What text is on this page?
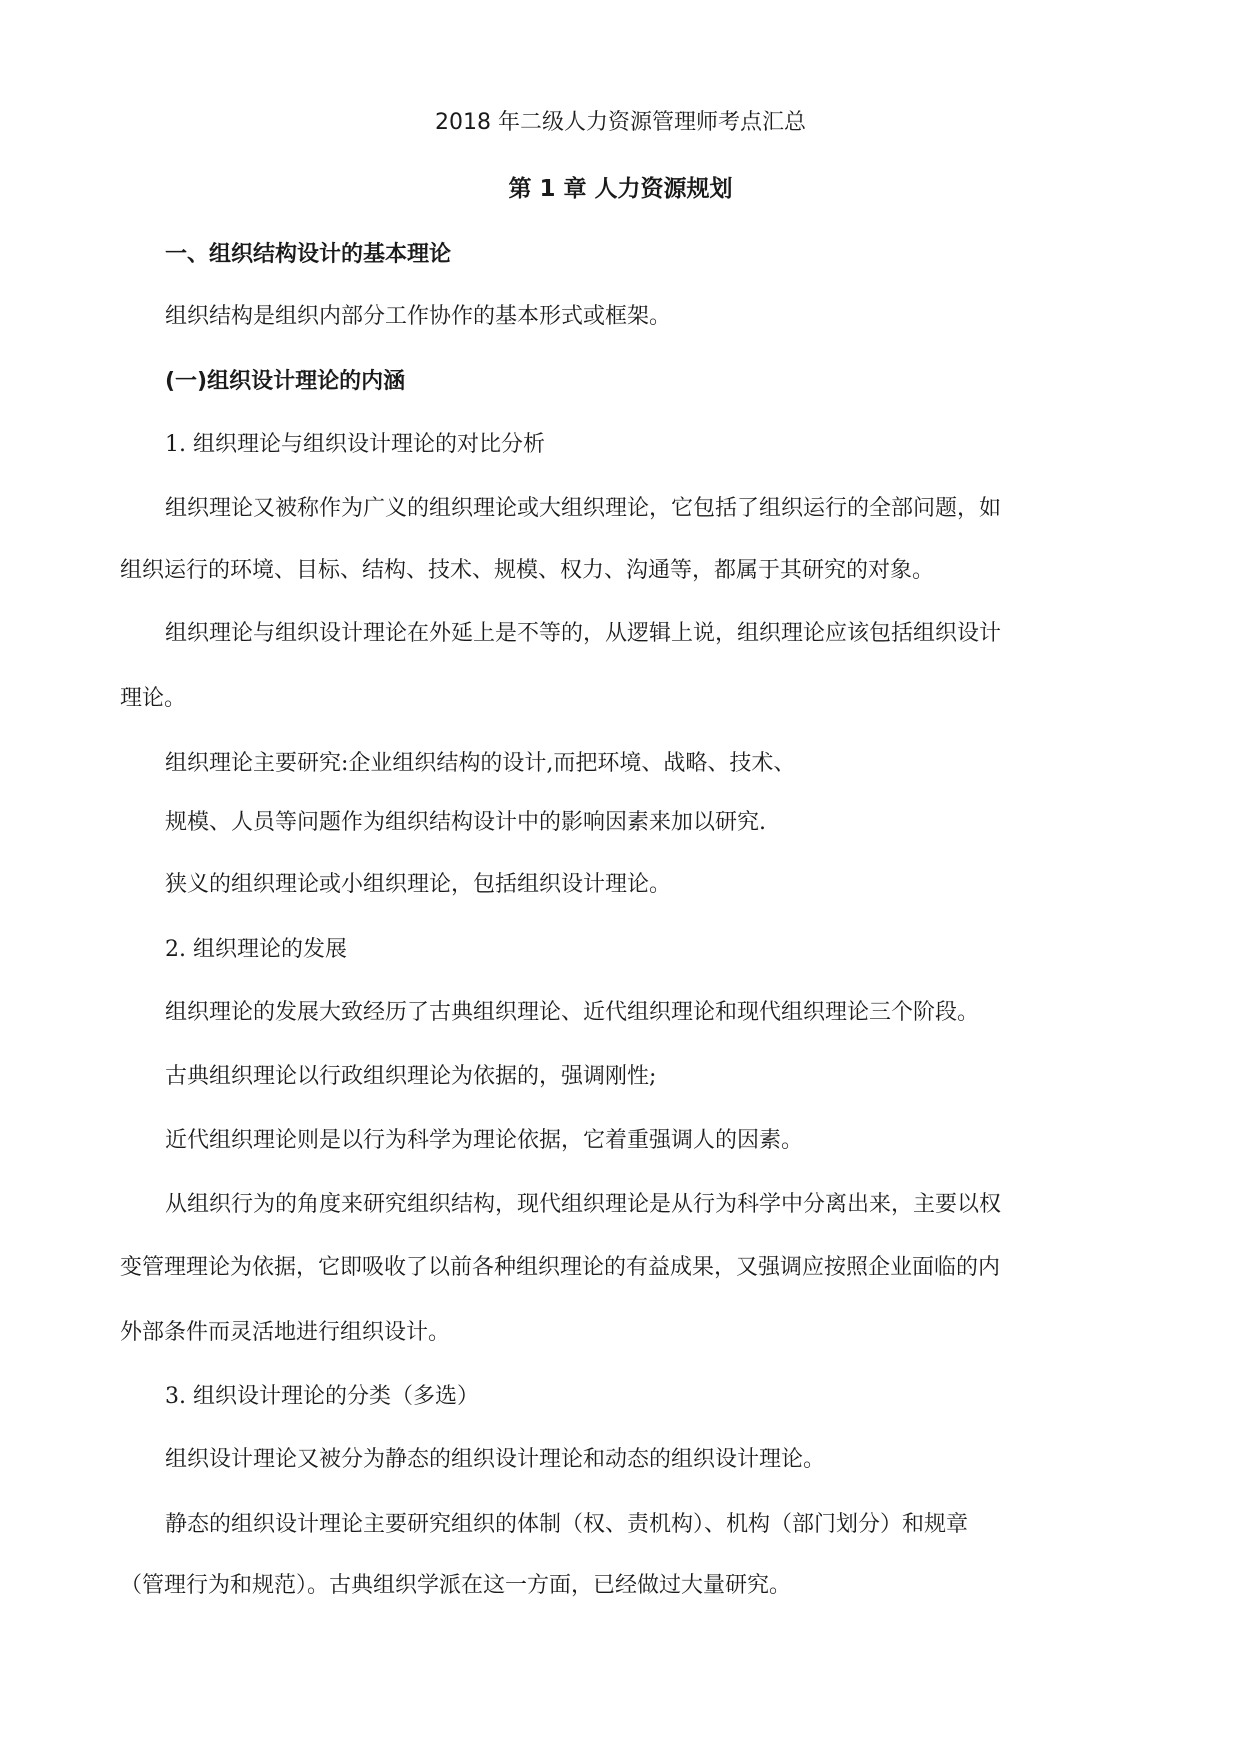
2018 年二级人力资源管理师考点汇总
第 1 章 人力资源规划
一、组织结构设计的基本理论
组织结构是组织内部分工作协作的基本形式或框架。
(一)组织设计理论的内涵
1. 组织理论与组织设计理论的对比分析
组织理论又被称作为广义的组织理论或大组织理论，它包括了组织运行的全部问题，如
组织运行的环境、目标、结构、技术、规模、权力、沟通等，都属于其研究的对象。
组织理论与组织设计理论在外延上是不等的，从逻辑上说，组织理论应该包括组织设计
理论。
组织理论主要研究:企业组织结构的设计,而把环境、战略、技术、
规模、人员等问题作为组织结构设计中的影响因素来加以研究.
狭义的组织理论或小组织理论，包括组织设计理论。
2. 组织理论的发展
组织理论的发展大致经历了古典组织理论、近代组织理论和现代组织理论三个阶段。
古典组织理论以行政组织理论为依据的，强调刚性;
近代组织理论则是以行为科学为理论依据，它着重强调人的因素。
从组织行为的角度来研究组织结构，现代组织理论是从行为科学中分离出来，主要以权
变管理理论为依据，它即吸收了以前各种组织理论的有益成果，又强调应按照企业面临的内
外部条件而灵活地进行组织设计。
3. 组织设计理论的分类（多选）
组织设计理论又被分为静态的组织设计理论和动态的组织设计理论。
静态的组织设计理论主要研究组织的体制（权、责机构）、机构（部门划分）和规章
（管理行为和规范）。古典组织学派在这一方面，已经做过大量研究。
